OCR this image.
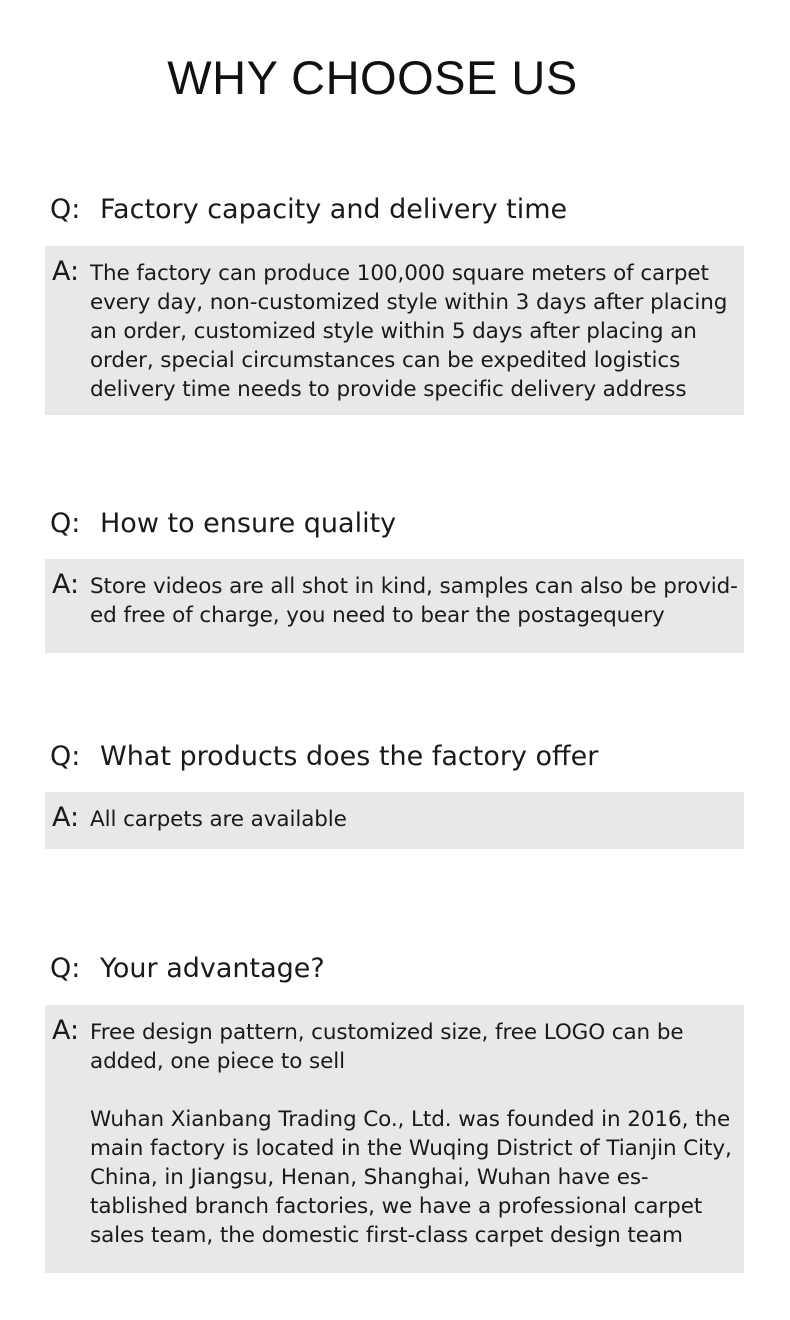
WHY CHOOSE US
Q: Factory capacity and delivery time
A: The factory can produce 100,000 square meters of carpet every day, non-customized style within 3 days after placing an order, customized style within 5 days after placing an order, special circumstances can be expedited logistics delivery time needs to provide specific delivery address

Q: How to ensure quality
A: Store videos are all shot in kind, samples can also be provid-ed free of charge, you need to bear the postagequery

Q: What products does the factory offer
A: All carpets are available

Q: Your advantage?
A: Free design pattern, customized size, free LOGO can be added, one piece to sell

Wuhan Xianbang Trading Co., Ltd. was founded in 2016, the main factory is located in the Wuqing District of Tianjin City, China, in Jiangsu, Henan, Shanghai, Wuhan have es-tablished branch factories, we have a professional carpet sales team, the domestic first-class carpet design team
